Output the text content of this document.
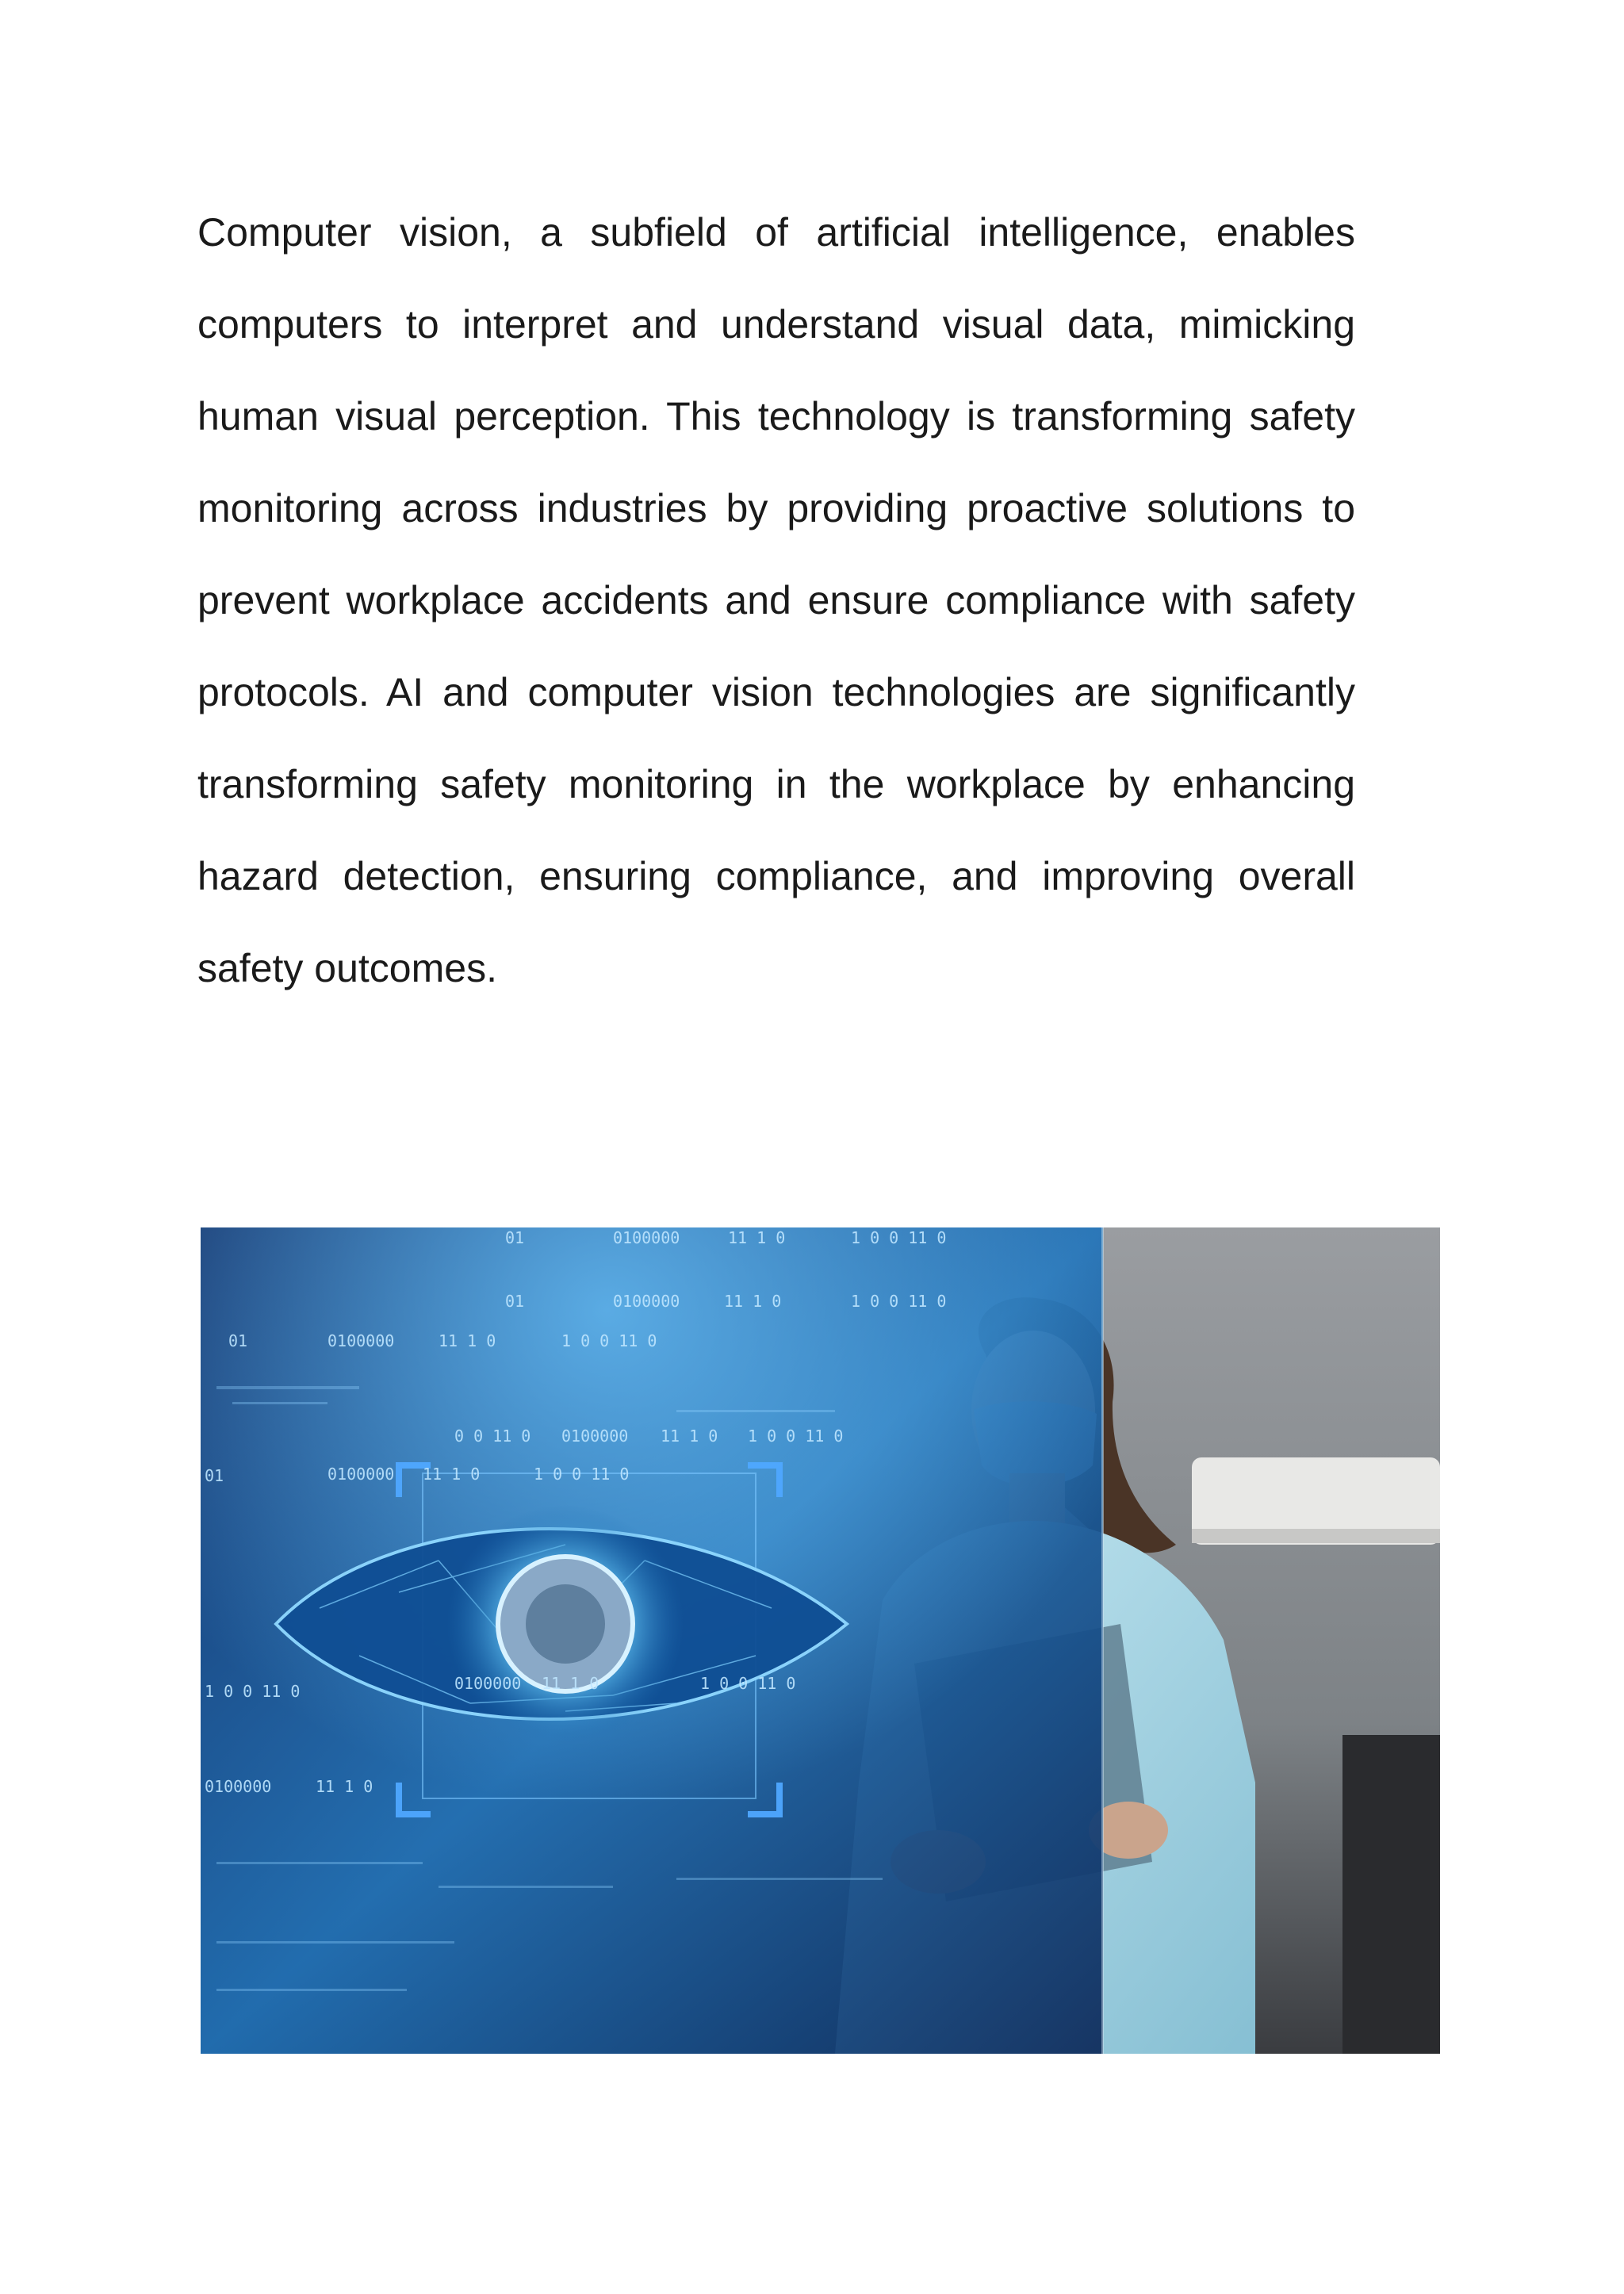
Computer vision, a subfield of artificial intelligence, enables computers to interpret and understand visual data, mimicking human visual perception. This technology is transforming safety monitoring across industries by providing proactive solutions to prevent workplace accidents and ensure compliance with safety protocols. AI and computer vision technologies are significantly transforming safety monitoring in the workplace by enhancing hazard detection, ensuring compliance, and improving overall safety outcomes.

01	0100000	11 1 0	1 0 0 11 0
01	0100000	11 1 0	1 0 0 11 0
01	0100000	11 1 0	1 0 0 11 0
0 0 11 0 0100000 11 1 0 1 0 0 11 0
01	0100000 11 1 0	1 0 0 11 0
1 0 0 11 0	0100000 11 1 0	1 0 0 11 0
0100000	11 1 0
